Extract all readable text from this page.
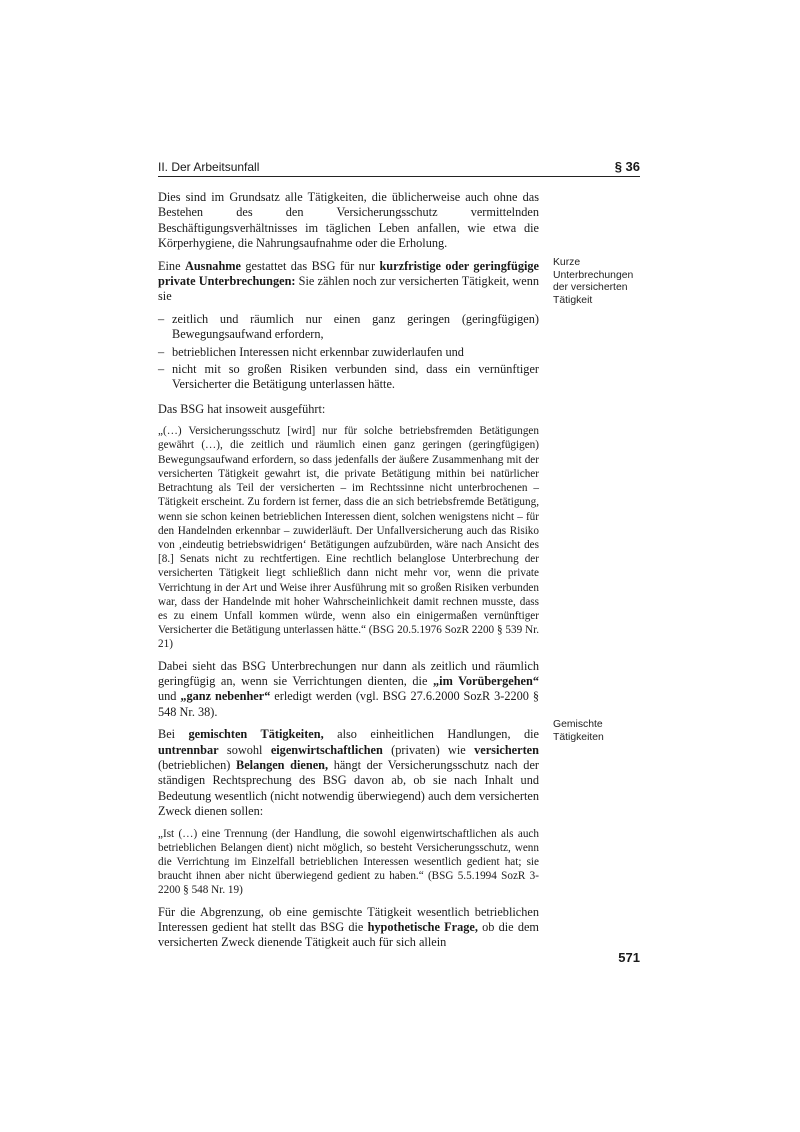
II. Der Arbeitsunfall	§ 36

Dies sind im Grundsatz alle Tätigkeiten, die üblicherweise auch ohne das Bestehen des den Versicherungsschutz vermittelnden Beschäftigungsverhältnisses im täglichen Leben anfallen, wie etwa die Körperhygiene, die Nahrungsaufnahme oder die Erholung.

Eine Ausnahme gestattet das BSG für nur kurzfristige oder geringfügige private Unterbrechungen: Sie zählen noch zur versicherten Tätigkeit, wenn sie

– zeitlich und räumlich nur einen ganz geringen (geringfügigen) Bewegungsaufwand erfordern,
– betrieblichen Interessen nicht erkennbar zuwiderlaufen und
– nicht mit so großen Risiken verbunden sind, dass ein vernünftiger Versicherter die Betätigung unterlassen hätte.

Das BSG hat insoweit ausgeführt:

„(…) Versicherungsschutz [wird] nur für solche betriebsfremden Betätigungen gewährt (…), die zeitlich und räumlich einen ganz geringen (geringfügigen) Bewegungsaufwand erfordern, so dass jedenfalls der äußere Zusammenhang mit der versicherten Tätigkeit gewahrt ist, die private Betätigung mithin bei natürlicher Betrachtung als Teil der versicherten – im Rechtssinne nicht unterbrochenen – Tätigkeit erscheint. Zu fordern ist ferner, dass die an sich betriebsfremde Betätigung, wenn sie schon keinen betrieblichen Interessen dient, solchen wenigstens nicht – für den Handelnden erkennbar – zuwiderläuft. Der Unfallversicherung auch das Risiko von ‚eindeutig betriebswidrigen‘ Betätigungen aufzubürden, wäre nach Ansicht des [8.] Senats nicht zu rechtfertigen. Eine rechtlich belanglose Unterbrechung der versicherten Tätigkeit liegt schließlich dann nicht mehr vor, wenn die private Verrichtung in der Art und Weise ihrer Ausführung mit so großen Risiken verbunden war, dass der Handelnde mit hoher Wahrscheinlichkeit damit rechnen musste, dass es zu einem Unfall kommen würde, wenn also ein einigermaßen vernünftiger Versicherter die Betätigung unterlassen hätte.“ (BSG 20.5.1976 SozR 2200 § 539 Nr. 21)

Dabei sieht das BSG Unterbrechungen nur dann als zeitlich und räumlich geringfügig an, wenn sie Verrichtungen dienten, die „im Vorübergehen“ und „ganz nebenher“ erledigt werden (vgl. BSG 27.6.2000 SozR 3-2200 § 548 Nr. 38).

Bei gemischten Tätigkeiten, also einheitlichen Handlungen, die untrennbar sowohl eigenwirtschaftlichen (privaten) wie versicherten (betrieblichen) Belangen dienen, hängt der Versicherungsschutz nach der ständigen Rechtsprechung des BSG davon ab, ob sie nach Inhalt und Bedeutung wesentlich (nicht notwendig überwiegend) auch dem versicherten Zweck dienen sollen:

„Ist (…) eine Trennung (der Handlung, die sowohl eigenwirtschaftlichen als auch betrieblichen Belangen dient) nicht möglich, so besteht Versicherungsschutz, wenn die Verrichtung im Einzelfall betrieblichen Interessen wesentlich gedient hat; sie braucht ihnen aber nicht überwiegend gedient zu haben.“ (BSG 5.5.1994 SozR 3-2200 § 548 Nr. 19)

Für die Abgrenzung, ob eine gemischte Tätigkeit wesentlich betrieblichen Interessen gedient hat stellt das BSG die hypothetische Frage, ob die dem versicherten Zweck dienende Tätigkeit auch für sich allein

Kurze Unterbrechungen der versicherten Tätigkeit
Gemischte Tätigkeiten
571
